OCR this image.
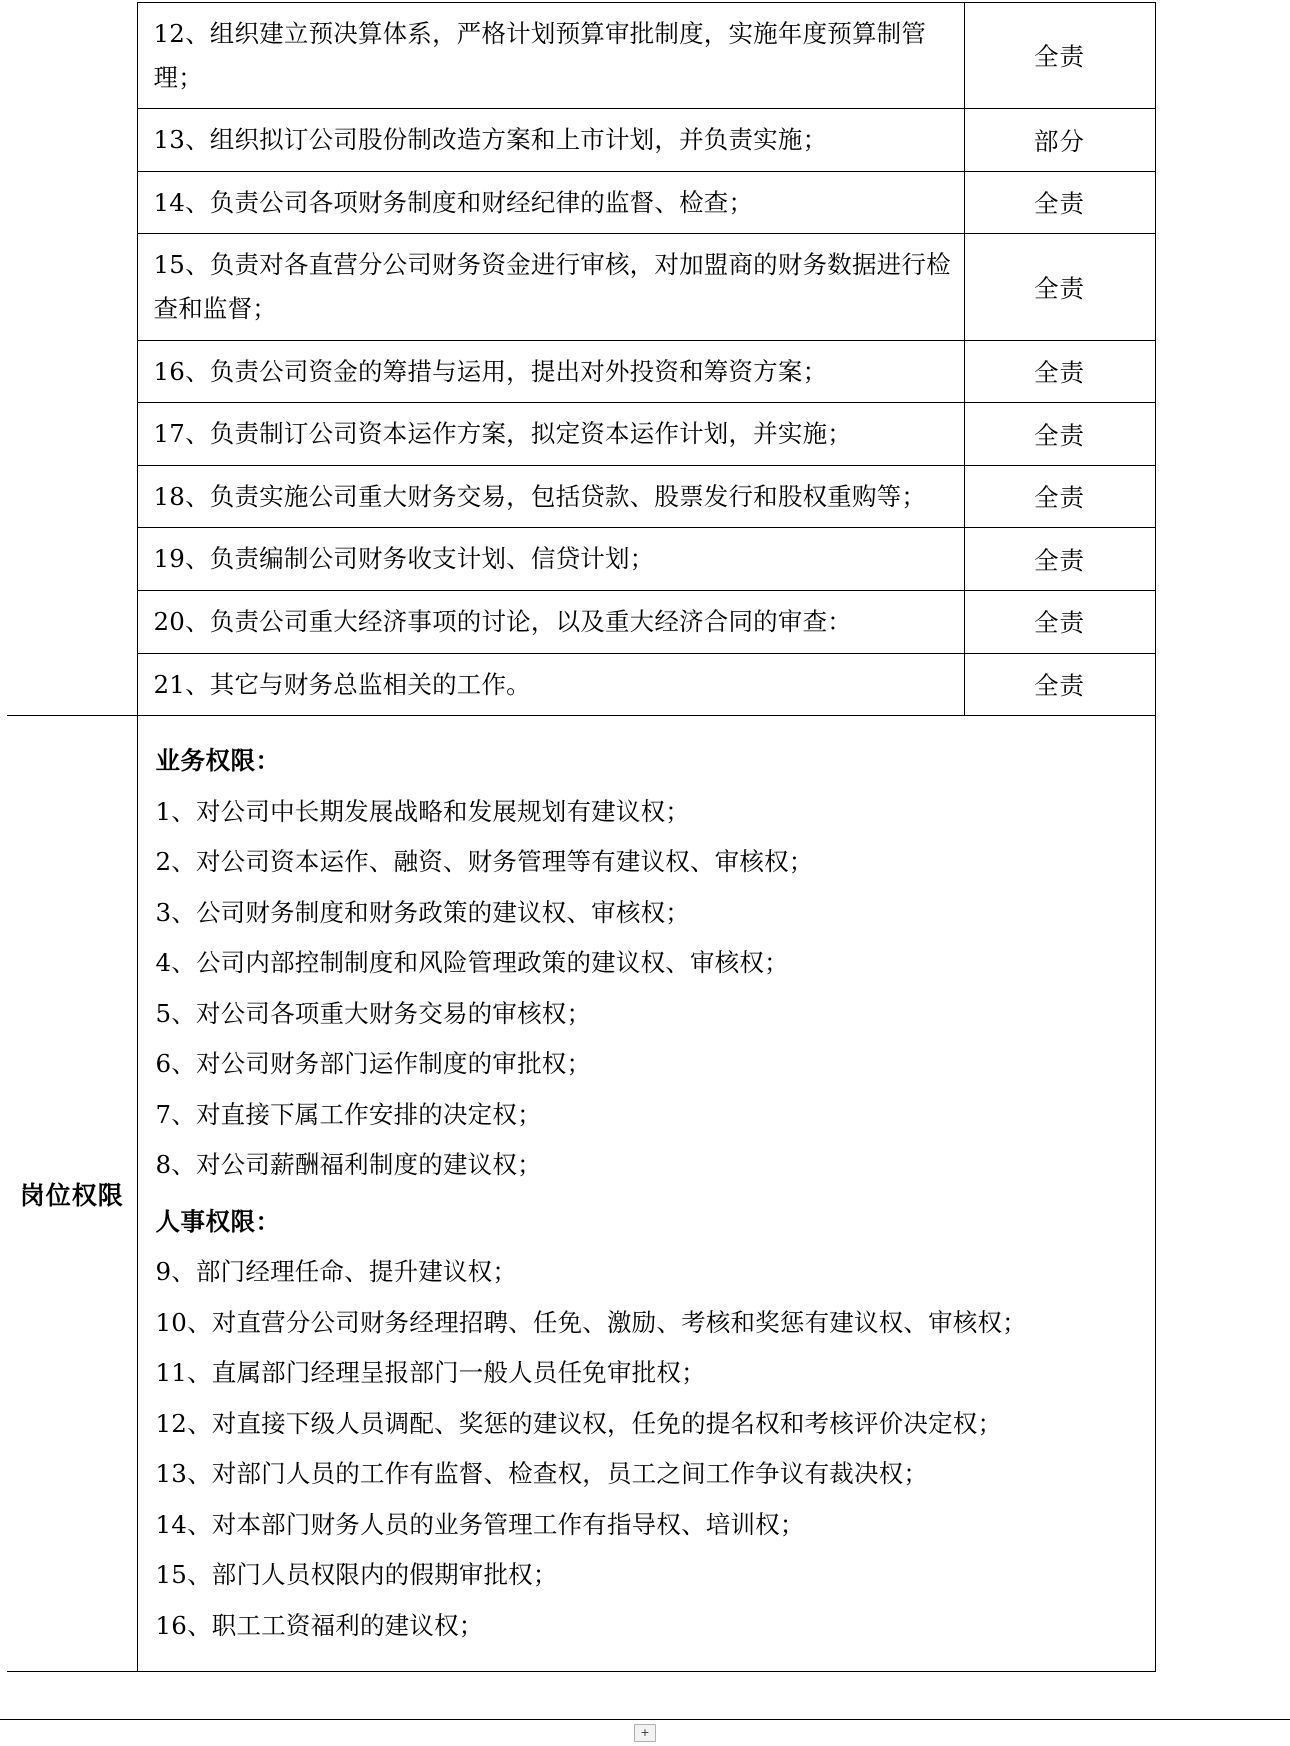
	12、组织建立预决算体系，严格计划预算审批制度，实施年度预算制管理；	全责
	13、组织拟订公司股份制改造方案和上市计划，并负责实施；	部分
	14、负责公司各项财务制度和财经纪律的监督、检查；	全责
	15、负责对各直营分公司财务资金进行审核，对加盟商的财务数据进行检查和监督；	全责
	16、负责公司资金的筹措与运用，提出对外投资和筹资方案；	全责
	17、负责制订公司资本运作方案，拟定资本运作计划，并实施；	全责
	18、负责实施公司重大财务交易，包括贷款、股票发行和股权重购等；	全责
	19、负责编制公司财务收支计划、信贷计划；	全责
	20、负责公司重大经济事项的讨论，以及重大经济合同的审查：	全责
	21、其它与财务总监相关的工作。	全责
岗位权限	
业务权限：
1、对公司中长期发展战略和发展规划有建议权；
2、对公司资本运作、融资、财务管理等有建议权、审核权；
3、公司财务制度和财务政策的建议权、审核权；
4、公司内部控制制度和风险管理政策的建议权、审核权；
5、对公司各项重大财务交易的审核权；
6、对公司财务部门运作制度的审批权；
7、对直接下属工作安排的决定权；
8、对公司薪酬福利制度的建议权；
人事权限：
9、部门经理任命、提升建议权；
10、对直营分公司财务经理招聘、任免、激励、考核和奖惩有建议权、审核权；
11、直属部门经理呈报部门一般人员任免审批权；
12、对直接下级人员调配、奖惩的建议权，任免的提名权和考核评价决定权；
13、对部门人员的工作有监督、检查权，员工之间工作争议有裁决权；
14、对本部门财务人员的业务管理工作有指导权、培训权；
15、部门人员权限内的假期审批权；
16、职工工资福利的建议权；
+
